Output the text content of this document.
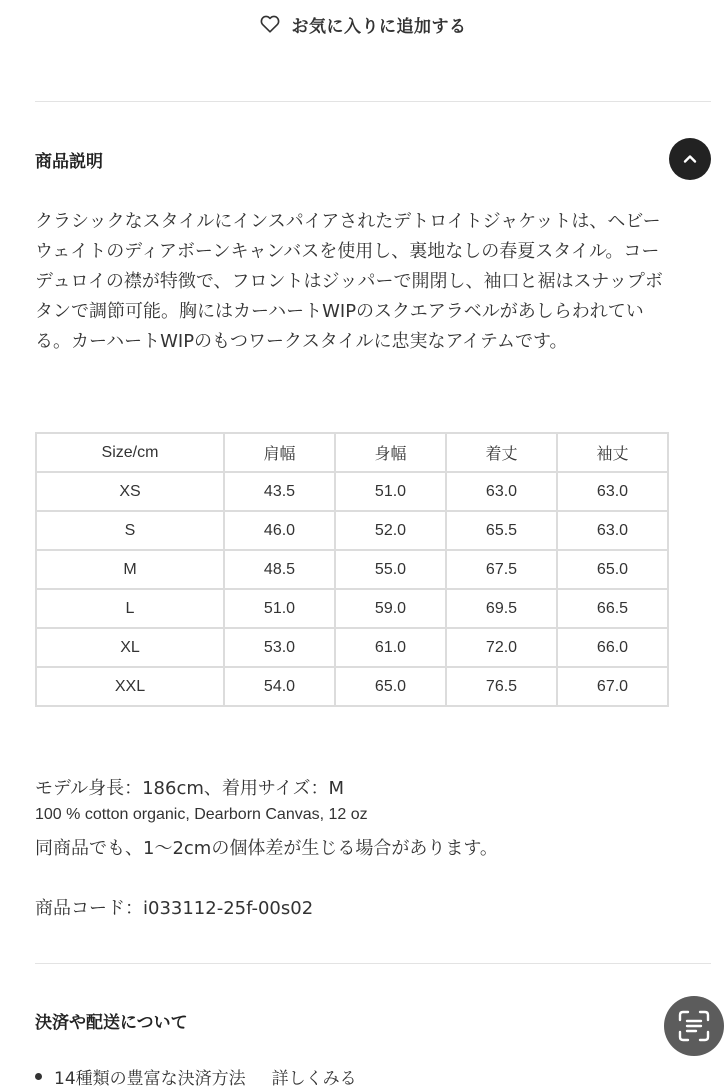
お気に入りに追加する
商品説明

クラシックなスタイルにインスパイアされたデトロイトジャケットは、ヘビーウェイトのディアボーンキャンバスを使用し、裏地なしの春夏スタイル。コーデュロイの襟が特徴で、フロントはジッパーで開閉し、袖口と裾はスナップボタンで調節可能。胸にはカーハートWIPのスクエアラベルがあしらわれている。カーハートWIPのもつワークスタイルに忠実なアイテムです。

Size/cm	肩幅	身幅	着丈	袖丈
XS	43.5	51.0	63.0	63.0
S	46.0	52.0	65.5	63.0
M	48.5	55.0	67.5	65.0
L	51.0	59.0	69.5	66.5
XL	53.0	61.0	72.0	66.0
XXL	54.0	65.0	76.5	67.0
モデル身長：186cm、着用サイズ：M
100 % cotton organic, Dearborn Canvas, 12 oz
同商品でも、1〜2cmの個体差が生じる場合があります。
商品コード：i033112-25f-00s02
決済や配送について
14種類の豊富な決済方法 詳しくみる
